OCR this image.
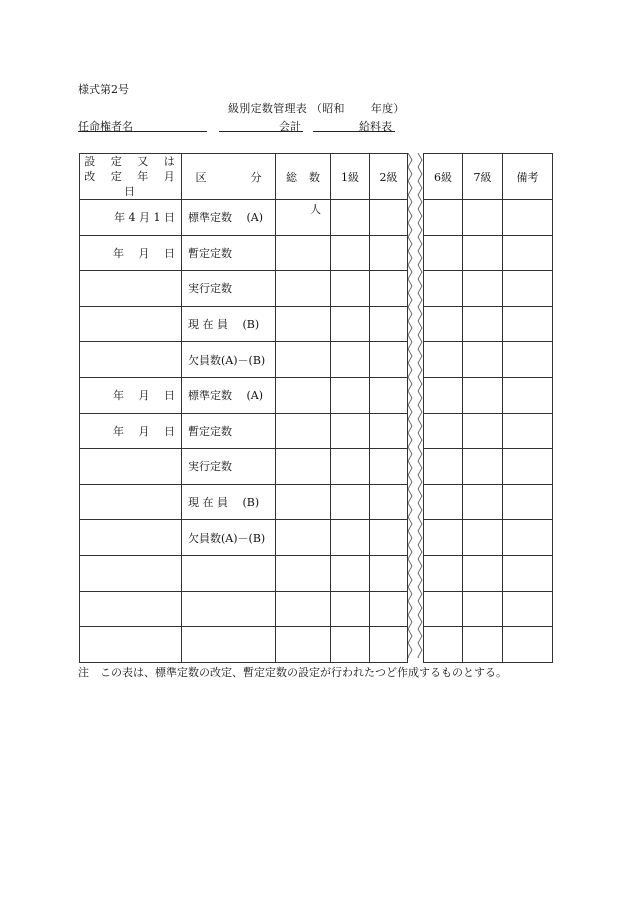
様式第2号
級別定数管理表 （昭和 年度）
任命権者名	会計	給料表
設 定 又 は
改 定 年 月 日	区 分	総 数	1級	2級		6級	7級	備考
年 4 月 1 日	標準定数　 (A)	人						

年　 月　 日	暫定定数							
	実行定数							
	現 在 員　 (B)							
	欠員数(A)－(B)							
年　 月　 日	標準定数　 (A)							
年　 月　 日	暫定定数							
	実行定数							
	現 在 員　 (B)							
	欠員数(A)－(B)							

注　この表は、標準定数の改定、暫定定数の設定が行われたつど作成するものとする。
